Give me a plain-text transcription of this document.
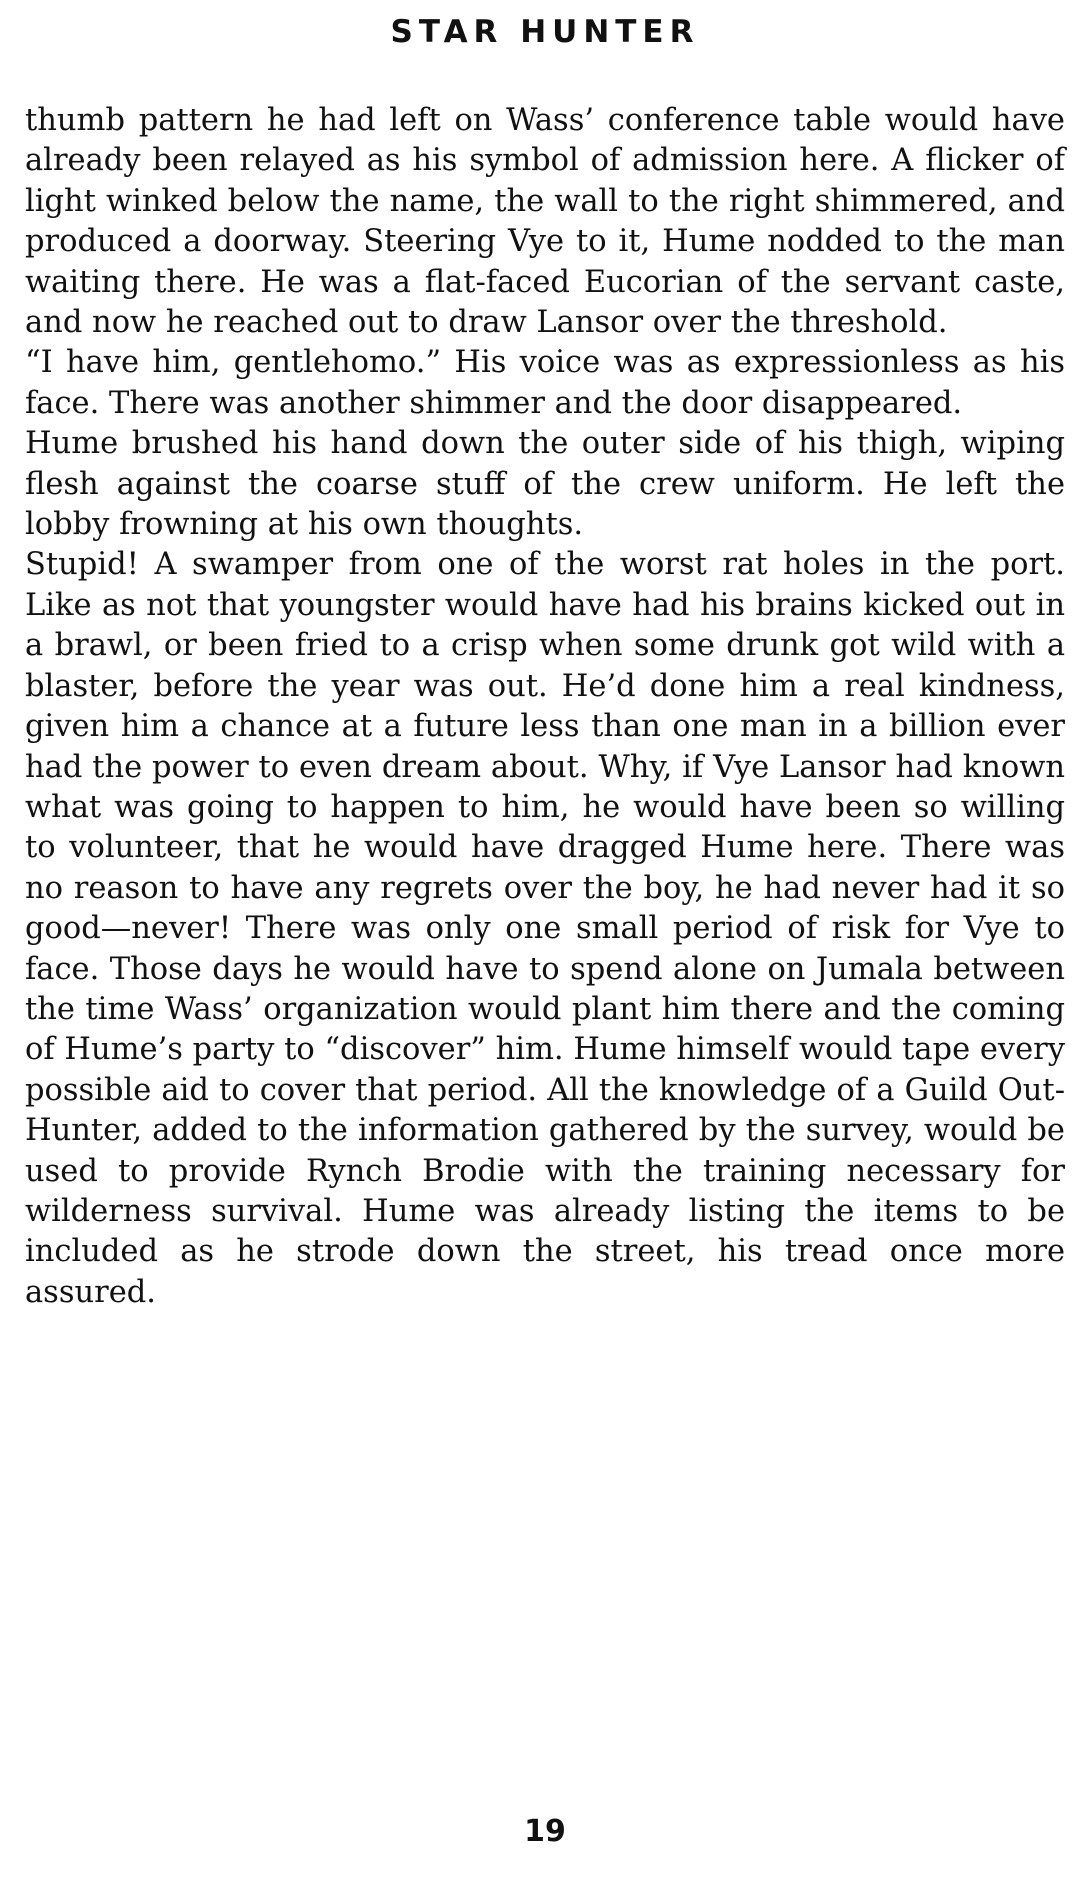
STAR HUNTER

thumb pattern he had left on Wass’ conference table would have already been relayed as his symbol of admission here. A flicker of light winked below the name, the wall to the right shimmered, and produced a doorway. Steering Vye to it, Hume nodded to the man waiting there. He was a flat-faced Eucorian of the servant caste, and now he reached out to draw Lansor over the threshold.

“I have him, gentlehomo.” His voice was as expressionless as his face. There was another shimmer and the door disappeared.

Hume brushed his hand down the outer side of his thigh, wiping flesh against the coarse stuff of the crew uniform. He left the lobby frowning at his own thoughts.

Stupid! A swamper from one of the worst rat holes in the port. Like as not that youngster would have had his brains kicked out in a brawl, or been fried to a crisp when some drunk got wild with a blaster, before the year was out. He’d done him a real kindness, given him a chance at a future less than one man in a billion ever had the power to even dream about. Why, if Vye Lansor had known what was going to happen to him, he would have been so willing to volunteer, that he would have dragged Hume here. There was no reason to have any regrets over the boy, he had never had it so good—never! There was only one small period of risk for Vye to face. Those days he would have to spend alone on Jumala between the time Wass’ organization would plant him there and the coming of Hume’s party to “discover” him. Hume himself would tape every possible aid to cover that period. All the knowledge of a Guild Out-Hunter, added to the information gathered by the survey, would be used to provide Rynch Brodie with the training necessary for wilderness survival. Hume was already listing the items to be included as he strode down the street, his tread once more assured.

19
